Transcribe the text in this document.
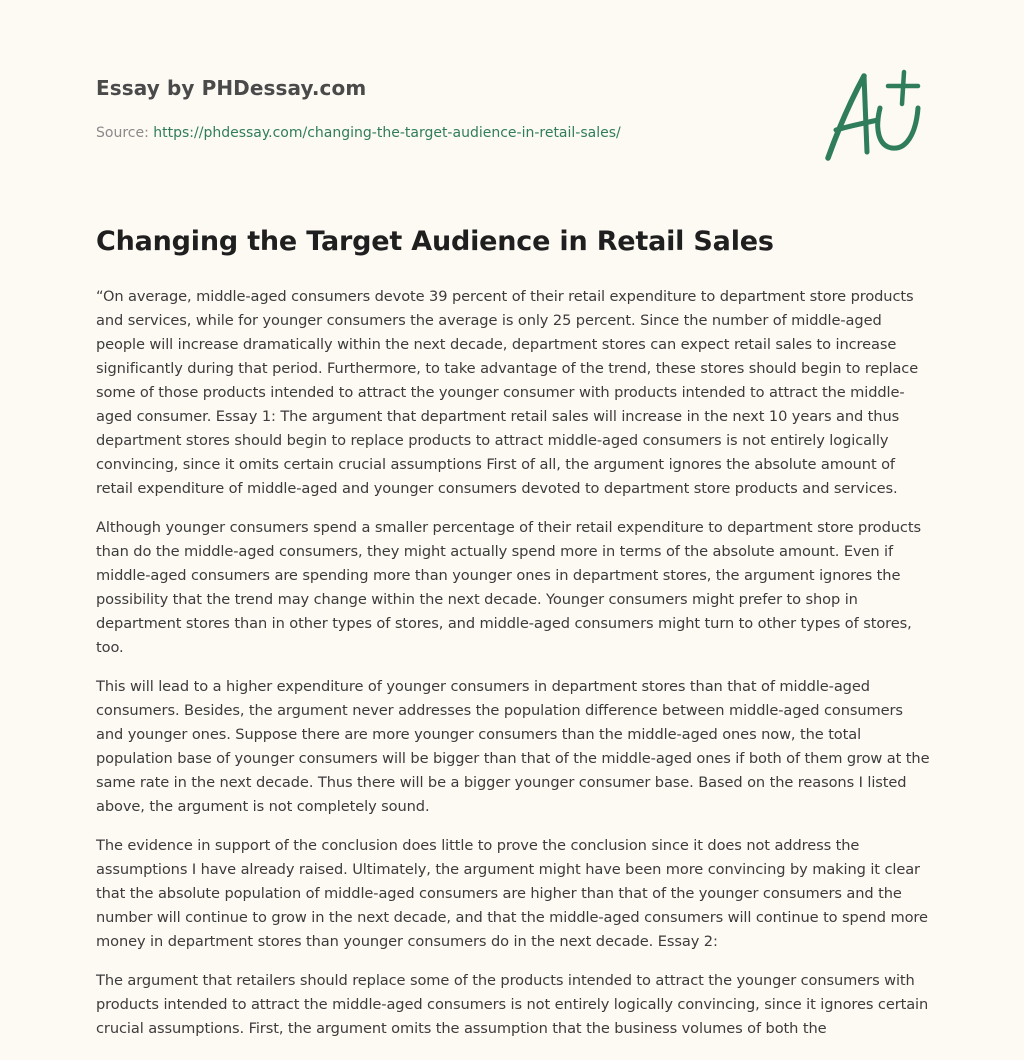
Essay by PHDessay.com
Source: https://phdessay.com/changing-the-target-audience-in-retail-sales/
Changing the Target Audience in Retail Sales

“On average, middle-aged consumers devote 39 percent of their retail expenditure to department store products and services, while for younger consumers the average is only 25 percent. Since the number of middle-aged people will increase dramatically within the next decade, department stores can expect retail sales to increase significantly during that period. Furthermore, to take advantage of the trend, these stores should begin to replace some of those products intended to attract the younger consumer with products intended to attract the middle-aged consumer. Essay 1: The argument that department retail sales will increase in the next 10 years and thus department stores should begin to replace products to attract middle-aged consumers is not entirely logically convincing, since it omits certain crucial assumptions First of all, the argument ignores the absolute amount of retail expenditure of middle-aged and younger consumers devoted to department store products and services.

Although younger consumers spend a smaller percentage of their retail expenditure to department store products than do the middle-aged consumers, they might actually spend more in terms of the absolute amount. Even if middle-aged consumers are spending more than younger ones in department stores, the argument ignores the possibility that the trend may change within the next decade. Younger consumers might prefer to shop in department stores than in other types of stores, and middle-aged consumers might turn to other types of stores, too.

This will lead to a higher expenditure of younger consumers in department stores than that of middle-aged consumers. Besides, the argument never addresses the population difference between middle-aged consumers and younger ones. Suppose there are more younger consumers than the middle-aged ones now, the total population base of younger consumers will be bigger than that of the middle-aged ones if both of them grow at the same rate in the next decade. Thus there will be a bigger younger consumer base. Based on the reasons I listed above, the argument is not completely sound.

The evidence in support of the conclusion does little to prove the conclusion since it does not address the assumptions I have already raised. Ultimately, the argument might have been more convincing by making it clear that the absolute population of middle-aged consumers are higher than that of the younger consumers and the number will continue to grow in the next decade, and that the middle-aged consumers will continue to spend more money in department stores than younger consumers do in the next decade. Essay 2:

The argument that retailers should replace some of the products intended to attract the younger consumers with products intended to attract the middle-aged consumers is not entirely logically convincing, since it ignores certain crucial assumptions. First, the argument omits the assumption that the business volumes of both the
